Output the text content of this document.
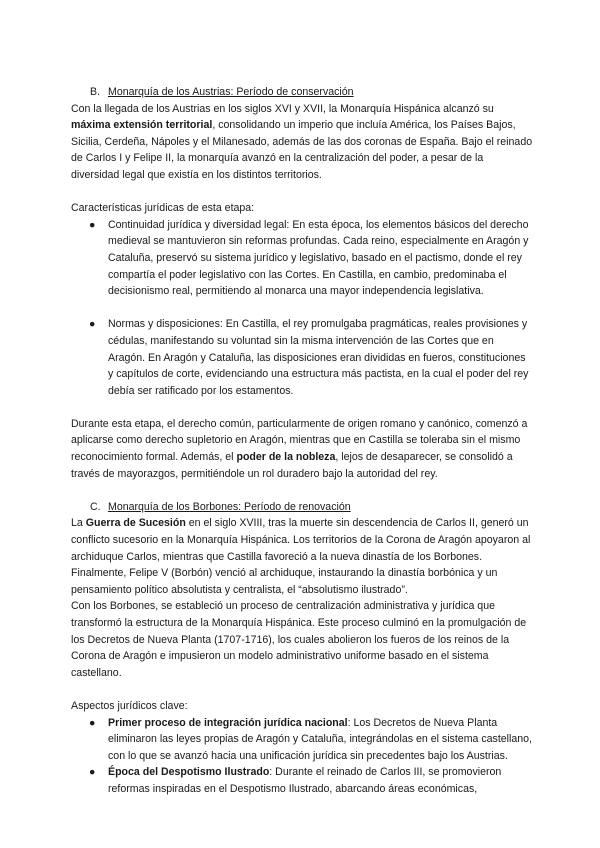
B. Monarquía de los Austrias: Período de conservación

Con la llegada de los Austrias en los siglos XVI y XVII, la Monarquía Hispánica alcanzó su máxima extensión territorial, consolidando un imperio que incluía América, los Países Bajos, Sicilia, Cerdeña, Nápoles y el Milanesado, además de las dos coronas de España. Bajo el reinado de Carlos I y Felipe II, la monarquía avanzó en la centralización del poder, a pesar de la diversidad legal que existía en los distintos territorios.

Características jurídicas de esta etapa:

● Continuidad jurídica y diversidad legal: En esta época, los elementos básicos del derecho medieval se mantuvieron sin reformas profundas. Cada reino, especialmente en Aragón y Cataluña, preservó su sistema jurídico y legislativo, basado en el pactismo, donde el rey compartía el poder legislativo con las Cortes. En Castilla, en cambio, predominaba el decisionismo real, permitiendo al monarca una mayor independencia legislativa.
● Normas y disposiciones: En Castilla, el rey promulgaba pragmáticas, reales provisiones y cédulas, manifestando su voluntad sin la misma intervención de las Cortes que en Aragón. En Aragón y Cataluña, las disposiciones eran divididas en fueros, constituciones y capítulos de corte, evidenciando una estructura más pactista, en la cual el poder del rey debía ser ratificado por los estamentos.

Durante esta etapa, el derecho común, particularmente de origen romano y canónico, comenzó a aplicarse como derecho supletorio en Aragón, mientras que en Castilla se toleraba sin el mismo reconocimiento formal. Además, el poder de la nobleza, lejos de desaparecer, se consolidó a través de mayorazgos, permitiéndole un rol duradero bajo la autoridad del rey.

C. Monarquía de los Borbones: Período de renovación

La Guerra de Sucesión en el siglo XVIII, tras la muerte sin descendencia de Carlos II, generó un conflicto sucesorio en la Monarquía Hispánica. Los territorios de la Corona de Aragón apoyaron al archiduque Carlos, mientras que Castilla favoreció a la nueva dinastía de los Borbones. Finalmente, Felipe V (Borbón) venció al archiduque, instaurando la dinastía borbónica y un pensamiento político absolutista y centralista, el “absolutismo ilustrado”.

Con los Borbones, se estableció un proceso de centralización administrativa y jurídica que transformó la estructura de la Monarquía Hispánica. Este proceso culminó en la promulgación de los Decretos de Nueva Planta (1707-1716), los cuales abolieron los fueros de los reinos de la Corona de Aragón e impusieron un modelo administrativo uniforme basado en el sistema castellano.

Aspectos jurídicos clave:

● Primer proceso de integración jurídica nacional: Los Decretos de Nueva Planta eliminaron las leyes propias de Aragón y Cataluña, integrándolas en el sistema castellano, con lo que se avanzó hacia una unificación jurídica sin precedentes bajo los Austrias.
● Época del Despotismo Ilustrado: Durante el reinado de Carlos III, se promovieron reformas inspiradas en el Despotismo Ilustrado, abarcando áreas económicas,
